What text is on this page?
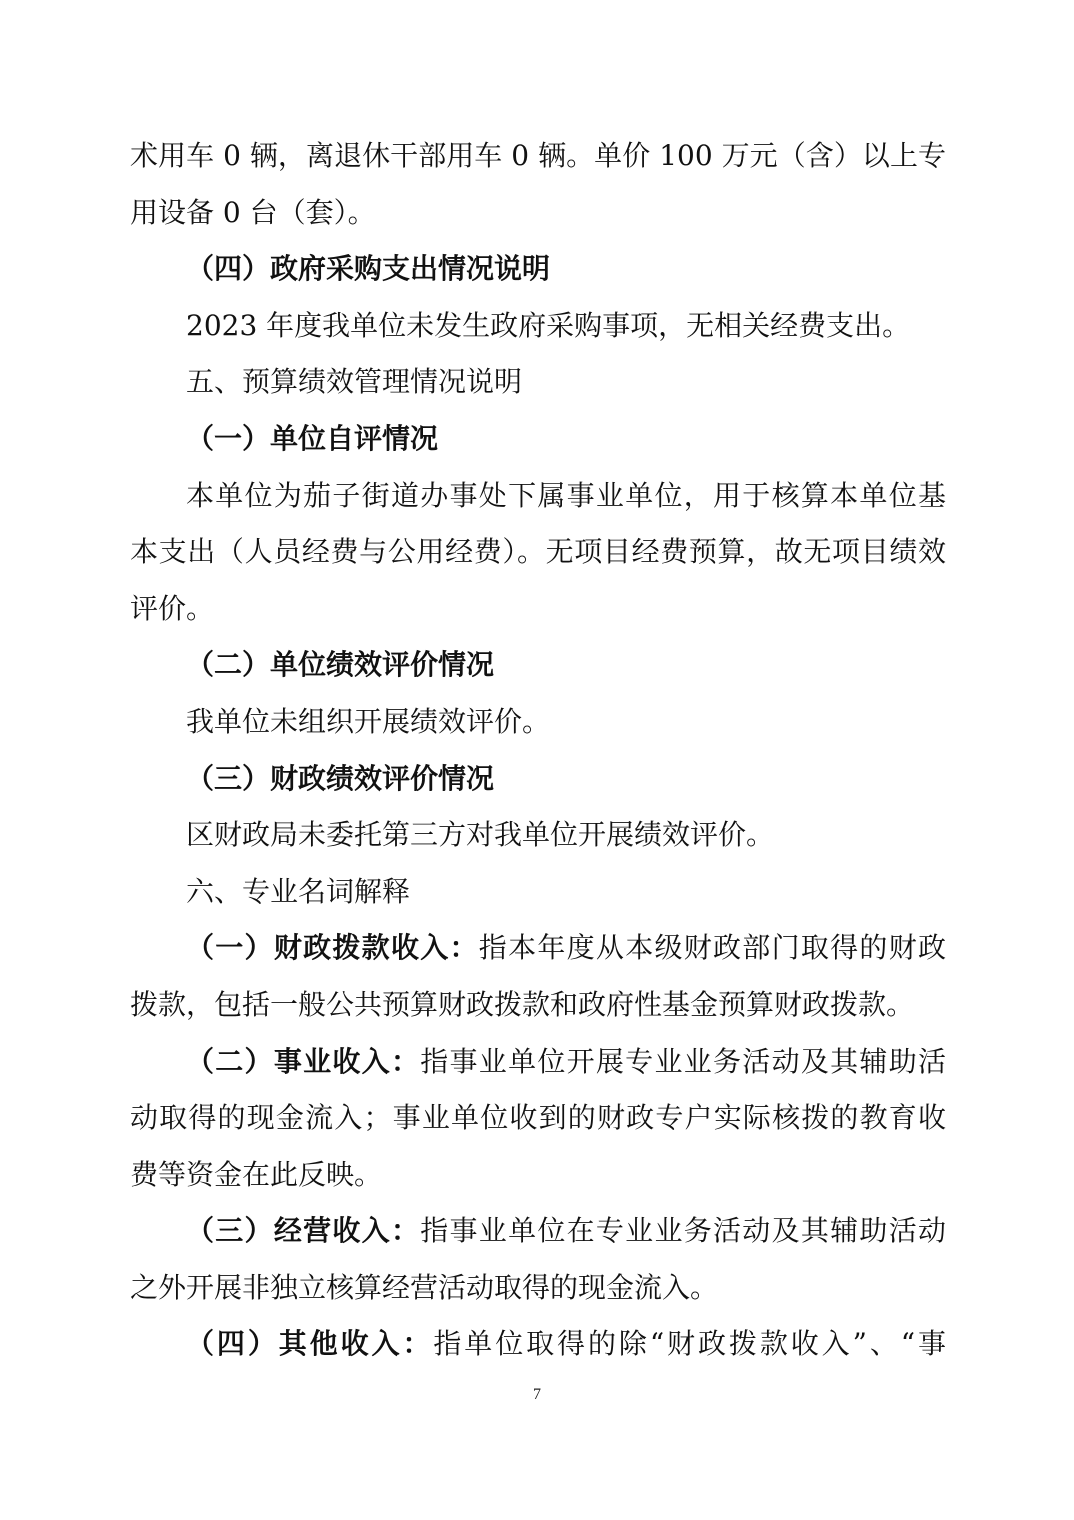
术用车 0 辆，离退休干部用车 0 辆。单价 100 万元（含）以上专
用设备 0 台（套）。
（四）政府采购支出情况说明
2023 年度我单位未发生政府采购事项，无相关经费支出。
五、预算绩效管理情况说明
（一）单位自评情况
本单位为茄子街道办事处下属事业单位，用于核算本单位基
本支出（人员经费与公用经费）。无项目经费预算，故无项目绩效
评价。
（二）单位绩效评价情况
我单位未组织开展绩效评价。
（三）财政绩效评价情况
区财政局未委托第三方对我单位开展绩效评价。
六、专业名词解释
（一）财政拨款收入：指本年度从本级财政部门取得的财政
拨款，包括一般公共预算财政拨款和政府性基金预算财政拨款。
（二）事业收入：指事业单位开展专业业务活动及其辅助活
动取得的现金流入；事业单位收到的财政专户实际核拨的教育收
费等资金在此反映。
（三）经营收入：指事业单位在专业业务活动及其辅助活动
之外开展非独立核算经营活动取得的现金流入。
（四）其他收入：指单位取得的除“财政拨款收入”、“事
7
